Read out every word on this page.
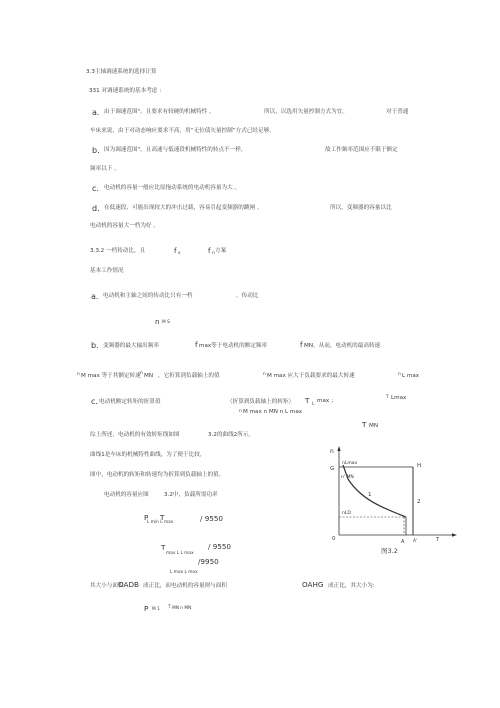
3.3主轴调速系统的选择计算
331 对调速系统的基本考虑 ：
a. 由于调速范围"，且要求有较硬的机械特性 ，	所以，以选用矢量控制方式为宜。	对于普通
车床来说，由于对动态响应要求不高，用“无位债矢量控制”方式已经足够。
b. 因为调速范围"，且高速与低速段机械特性的转点不一样，	故工作频率范围应不限于额定
频率以下 。
c. 电动机的容量一般应比原拖动系统的电动机容量为大 。
d. 在低速段，可能出现较大的冲击过载，容易引起变频器的跳闸 。	所以，变频器的容量以比
电动机的容量大一档为好 。
3.3.2 一档传动比，且	f x	f n 方案
基本工作情况
a. 电动机和主轴之间的传动比只有一档	，传动比
n M S
b. 变频器的最大输出频率	f max等于电动机的额定频率	f MN，从而，电动机的最高转速
n M max 等于其额定转速 n MN ，它折算到负载轴上的值	n M max 应大于负载要求的最大转速	n L max
c. 电动机额定转矩的折算值	（折算到负载轴上的转矩） T L
max ；
T Lmax
n M max n MN n L max
T MN
综上所述，电动机的有效转矩线如图	3.2的曲线2所示。
曲线1是车床的机械特性曲线，为了便于比较，
图中，电动机的转矩和转速均为折算到负载轴上的值。
电动机的容量应图	3.2中，负载所需功率
P T
L min L max	/ 9550
T	/ 9550
max L L max
/9950
L max L max
其大小与面积
OADB 成正比，而电动机的容量则与面积	OAHG 成正比，其大小为:
P M 1 T MN n MN
n
G
nLmax
n' MN
H
1
2
nLD
0	A A'	T
图3.2
